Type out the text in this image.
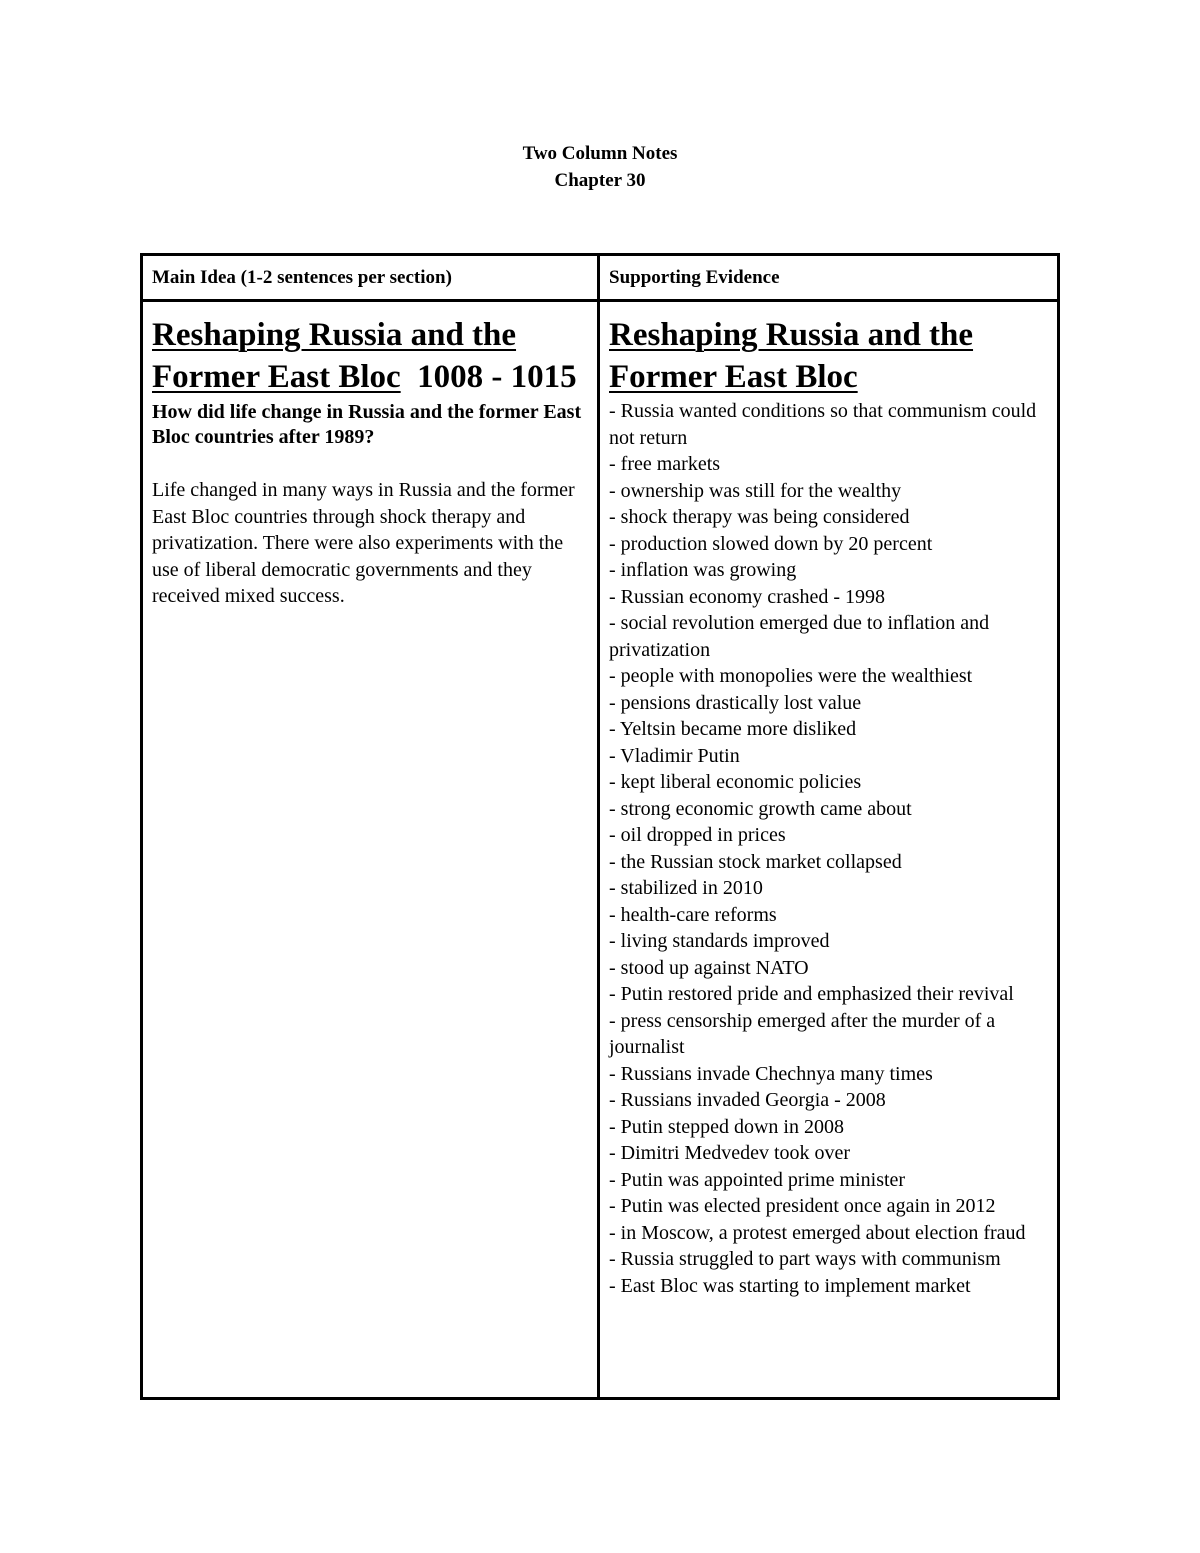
Two Column Notes
Chapter 30
Main Idea (1-2 sentences per section)	Supporting Evidence
Reshaping Russia and the Former East Bloc 1008 - 1015
How did life change in Russia and the former East Bloc countries after 1989?
Life changed in many ways in Russia and the former East Bloc countries through shock therapy and privatization. There were also experiments with the use of liberal democratic governments and they received mixed success.
Reshaping Russia and the Former East Bloc
- Russia wanted conditions so that communism could not return
- free markets
- ownership was still for the wealthy
- shock therapy was being considered
- production slowed down by 20 percent
- inflation was growing
- Russian economy crashed - 1998
- social revolution emerged due to inflation and privatization
- people with monopolies were the wealthiest
- pensions drastically lost value
- Yeltsin became more disliked
- Vladimir Putin
- kept liberal economic policies
- strong economic growth came about
- oil dropped in prices
- the Russian stock market collapsed
- stabilized in 2010
- health-care reforms
- living standards improved
- stood up against NATO
- Putin restored pride and emphasized their revival
- press censorship emerged after the murder of a journalist
- Russians invade Chechnya many times
- Russians invaded Georgia - 2008
- Putin stepped down in 2008
- Dimitri Medvedev took over
- Putin was appointed prime minister
- Putin was elected president once again in 2012
- in Moscow, a protest emerged about election fraud
- Russia struggled to part ways with communism
- East Bloc was starting to implement market
